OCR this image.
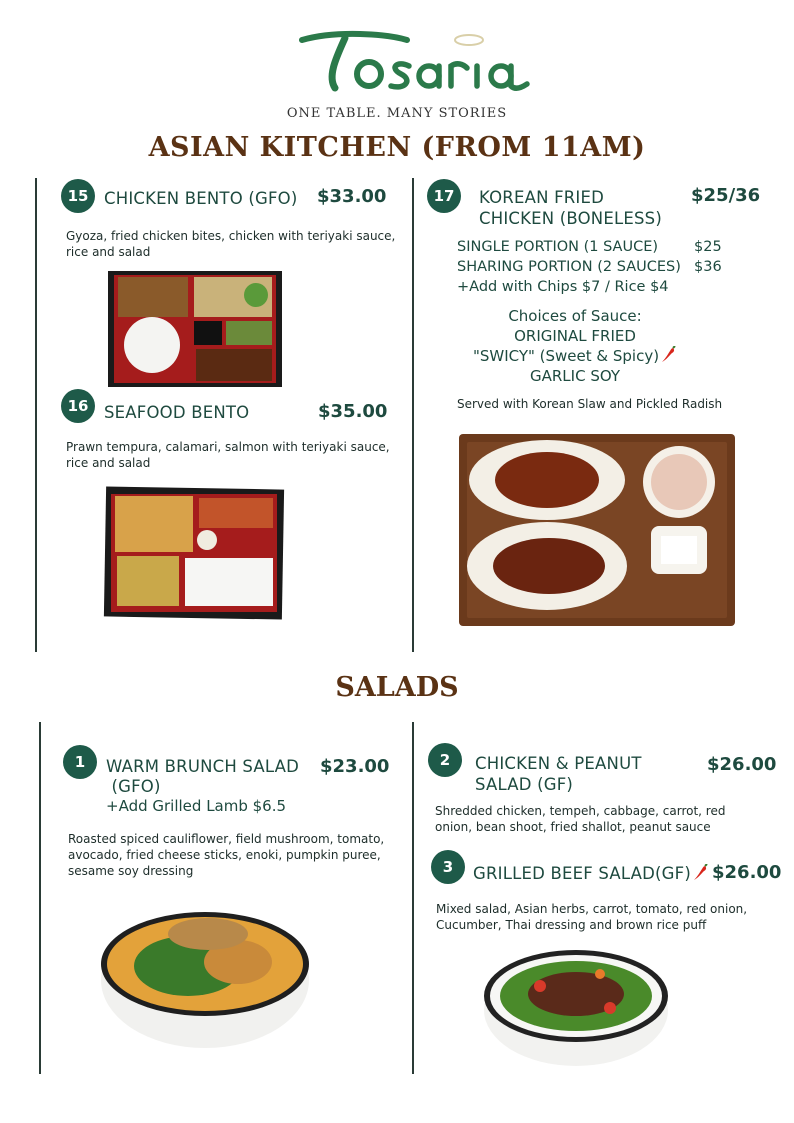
ONE TABLE. MANY STORIES
ASIAN KITCHEN (FROM 11AM)
15 CHICKEN BENTO (GFO) $33.00
Gyoza, fried chicken bites, chicken with teriyaki sauce,
rice and salad
16 SEAFOOD BENTO	$35.00
Prawn tempura, calamari, salmon with teriyaki sauce,
rice and salad
17	KOREAN FRIED
CHICKEN (BONELESS)
$25/36
SINGLE PORTION (1 SAUCE) $25
SHARING PORTION (2 SAUCES) $36
+Add with Chips $7 / Rice $4
Choices of Sauce:
ORIGINAL FRIED
"SWICY" (Sweet & Spicy)
GARLIC SOY
Served with Korean Slaw and Pickled Radish
SALADS
1	WARM BRUNCH SALAD
(GFO)
+Add Grilled Lamb $6.5
$23.00
Roasted spiced cauliflower, field mushroom, tomato,
avocado, fried cheese sticks, enoki, pumpkin puree,
sesame soy dressing
2	CHICKEN & PEANUT
SALAD (GF)
$26.00
Shredded chicken, tempeh, cabbage, carrot, red
onion, bean shoot, fried shallot, peanut sauce
3	GRILLED BEEF SALAD(GF)	$26.00
Mixed salad, Asian herbs, carrot, tomato, red onion,
Cucumber, Thai dressing and brown rice puff
